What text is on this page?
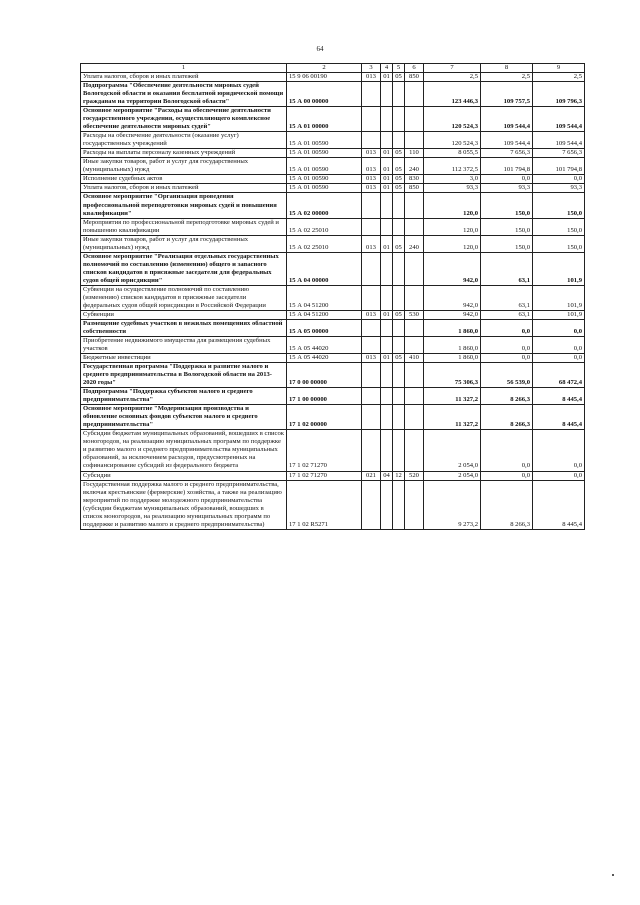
64
1	2	3	4	5	6	7	8	9
Уплата налогов, сборов и иных платежей	15 9 06 00190	013	01	05	850	2,5	2,5	2,5
Подпрограмма "Обеспечение деятельности мировых судей Вологодской области и оказания бесплатной юридической помощи гражданам на территории Вологодской области"	15 А 00 00000					123 446,3	109 757,5	109 796,3
Основное мероприятие "Расходы на обеспечение деятельности государственного учреждения, осуществляющего комплексное обеспечение деятельности мировых судей"	15 А 01 00000					120 524,3	109 544,4	109 544,4
Расходы на обеспечение деятельности (оказание услуг) государственных учреждений	15 А 01 00590					120 524,3	109 544,4	109 544,4
Расходы на выплаты персоналу казенных учреждений	15 А 01 00590	013	01	05	110	8 055,5	7 656,3	7 656,3
Иные закупки товаров, работ и услуг для государственных (муниципальных) нужд	15 А 01 00590	013	01	05	240	112 372,5	101 794,8	101 794,8
Исполнение судебных актов	15 А 01 00590	013	01	05	830	3,0	0,0	0,0
Уплата налогов, сборов и иных платежей	15 А 01 00590	013	01	05	850	93,3	93,3	93,3
Основное мероприятие "Организация проведения профессиональной переподготовки мировых судей и повышения квалификации"	15 А 02 00000					120,0	150,0	150,0
Мероприятия по профессиональной переподготовке мировых судей и повышению квалификации	15 А 02 25010					120,0	150,0	150,0
Иные закупки товаров, работ и услуг для государственных (муниципальных) нужд	15 А 02 25010	013	01	05	240	120,0	150,0	150,0
Основное мероприятие "Реализация отдельных государственных полномочий по составлению (изменению) общего и запасного списков кандидатов в присяжные заседатели для федеральных судов общей юрисдикции"	15 А 04 00000					942,0	63,1	101,9
Субвенции на осуществление полномочий по составлению (изменению) списков кандидатов в присяжные заседатели федеральных судов общей юрисдикции в Российской Федерации	15 А 04 51200					942,0	63,1	101,9
Субвенции	15 А 04 51200	013	01	05	530	942,0	63,1	101,9
Размещение судебных участков в нежилых помещениях областной собственности	15 А 05 00000					1 860,0	0,0	0,0
Приобретение недвижимого имущества для размещения судебных участков	15 А 05 44020					1 860,0	0,0	0,0
Бюджетные инвестиции	15 А 05 44020	013	01	05	410	1 860,0	0,0	0,0
Государственная программа "Поддержка и развитие малого и среднего предпринимательства в Вологодской области на 2013-2020 годы"	17 0 00 00000					75 306,3	56 539,0	68 472,4
Подпрограмма "Поддержка субъектов малого и среднего предпринимательства"	17 1 00 00000					11 327,2	8 266,3	8 445,4
Основное мероприятие "Модернизация производства и обновление основных фондов субъектов малого и среднего предпринимательства"	17 1 02 00000					11 327,2	8 266,3	8 445,4
Субсидии бюджетам муниципальных образований, вошедших в список моногородов, на реализацию муниципальных программ по поддержке и развитию малого и среднего предпринимательства муниципальных образований, за исключением расходов, предусмотренных на софинансирование субсидий из федерального бюджета	17 1 02 71270					2 054,0	0,0	0,0
Субсидии	17 1 02 71270	021	04	12	520	2 054,0	0,0	0,0
Государственная поддержка малого и среднего предпринимательства, включая крестьянские (фермерские) хозяйства, а также на реализацию мероприятий по поддержке молодежного предпринимательства (субсидии бюджетам муниципальных образований, вошедших в список моногородов, на реализацию муниципальных программ по поддержке и развитию малого и среднего предпринимательства)	17 1 02 R5271					9 273,2	8 266,3	8 445,4
